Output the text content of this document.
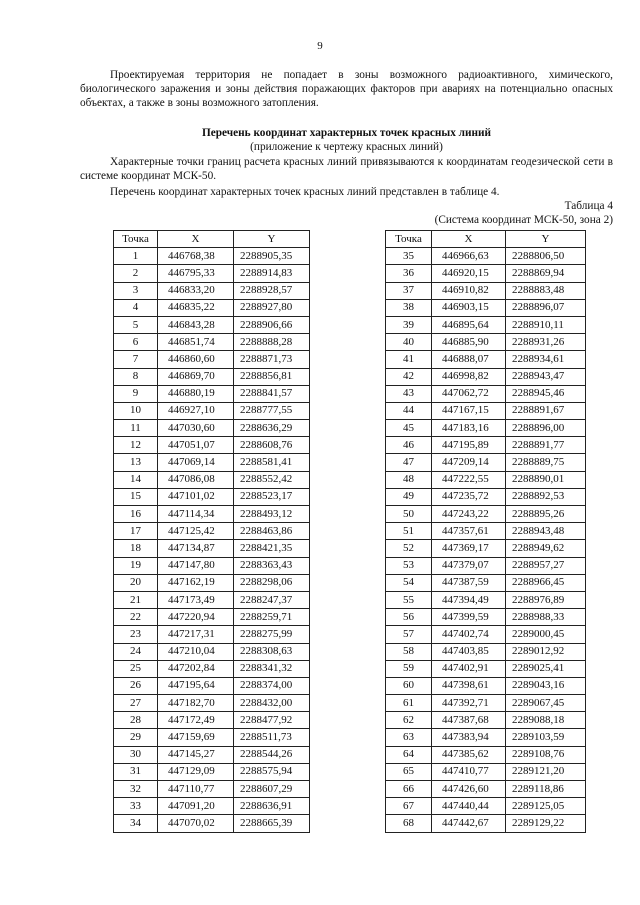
9

Проектируемая территория не попадает в зоны возможного радиоактивного, химического, биологического заражения и зоны действия поражающих факторов при авариях на потенциально опасных объектах, а также в зоны возможного затопления.

Перечень координат характерных точек красных линий

(приложение к чертежу красных линий)

Характерные точки границ расчета красных линий привязываются к координатам геодезической сети в системе координат МСК-50.

Перечень координат характерных точек красных линий представлен в таблице 4.

Таблица 4

(Система координат МСК-50, зона 2)

Точка	X	Y
1	446768,38	2288905,35
2	446795,33	2288914,83
3	446833,20	2288928,57
4	446835,22	2288927,80
5	446843,28	2288906,66
6	446851,74	2288888,28
7	446860,60	2288871,73
8	446869,70	2288856,81
9	446880,19	2288841,57
10	446927,10	2288777,55
11	447030,60	2288636,29
12	447051,07	2288608,76
13	447069,14	2288581,41
14	447086,08	2288552,42
15	447101,02	2288523,17
16	447114,34	2288493,12
17	447125,42	2288463,86
18	447134,87	2288421,35
19	447147,80	2288363,43
20	447162,19	2288298,06
21	447173,49	2288247,37
22	447220,94	2288259,71
23	447217,31	2288275,99
24	447210,04	2288308,63
25	447202,84	2288341,32
26	447195,64	2288374,00
27	447182,70	2288432,00
28	447172,49	2288477,92
29	447159,69	2288511,73
30	447145,27	2288544,26
31	447129,09	2288575,94
32	447110,77	2288607,29
33	447091,20	2288636,91
34	447070,02	2288665,39
Точка	X	Y
35	446966,63	2288806,50
36	446920,15	2288869,94
37	446910,82	2288883,48
38	446903,15	2288896,07
39	446895,64	2288910,11
40	446885,90	2288931,26
41	446888,07	2288934,61
42	446998,82	2288943,47
43	447062,72	2288945,46
44	447167,15	2288891,67
45	447183,16	2288896,00
46	447195,89	2288891,77
47	447209,14	2288889,75
48	447222,55	2288890,01
49	447235,72	2288892,53
50	447243,22	2288895,26
51	447357,61	2288943,48
52	447369,17	2288949,62
53	447379,07	2288957,27
54	447387,59	2288966,45
55	447394,49	2288976,89
56	447399,59	2288988,33
57	447402,74	2289000,45
58	447403,85	2289012,92
59	447402,91	2289025,41
60	447398,61	2289043,16
61	447392,71	2289067,45
62	447387,68	2289088,18
63	447383,94	2289103,59
64	447385,62	2289108,76
65	447410,77	2289121,20
66	447426,60	2289118,86
67	447440,44	2289125,05
68	447442,67	2289129,22
